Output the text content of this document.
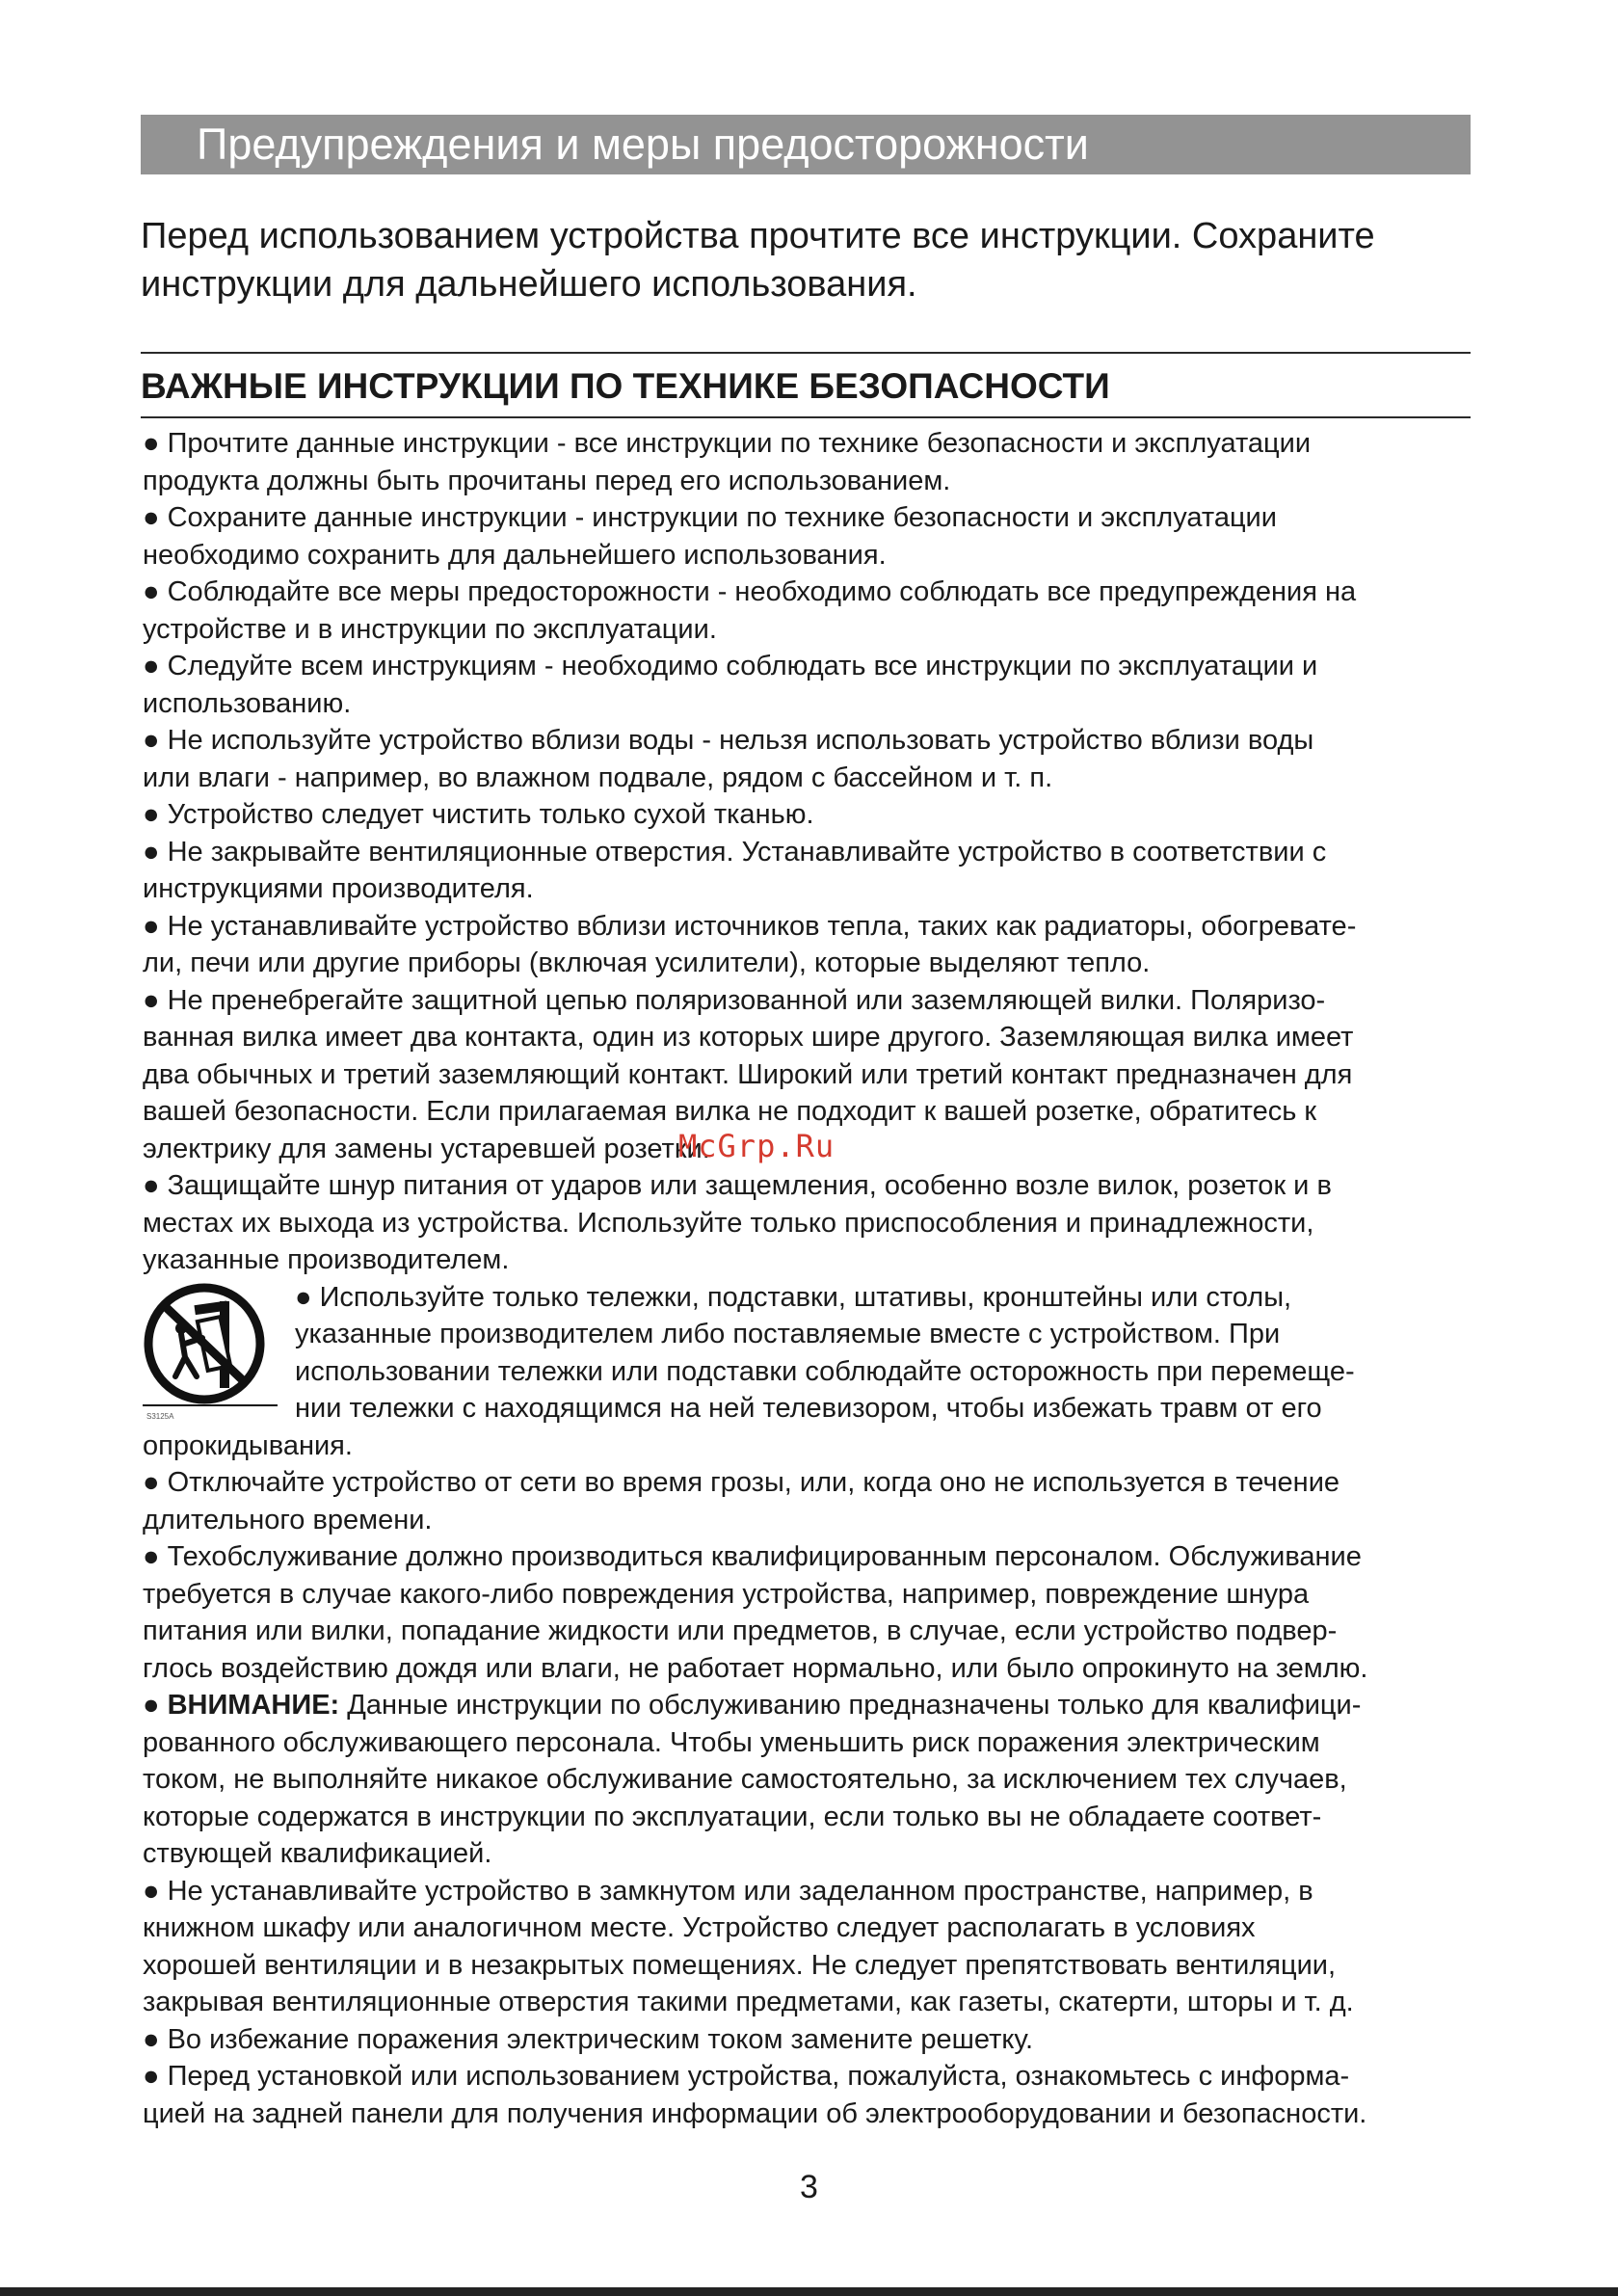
Предупреждения и меры предосторожности
Перед использованием устройства прочтите все инструкции. Сохраните
инструкции для дальнейшего использования.
ВАЖНЫЕ ИНСТРУКЦИИ ПО ТЕХНИКЕ БЕЗОПАСНОСТИ
S3125A
● Прочтите данные инструкции - все инструкции по технике безопасности и эксплуатации
продукта должны быть прочитаны перед его использованием.
● Сохраните данные инструкции - инструкции по технике безопасности и эксплуатации
необходимо сохранить для дальнейшего использования.
● Соблюдайте все меры предосторожности - необходимо соблюдать все предупреждения на
устройстве и в инструкции по эксплуатации.
● Следуйте всем инструкциям - необходимо соблюдать все инструкции по эксплуатации и
использованию.
● Не используйте устройство вблизи воды - нельзя использовать устройство вблизи воды
или влаги - например, во влажном подвале, рядом с бассейном и т. п.
● Устройство следует чистить только сухой тканью.
● Не закрывайте вентиляционные отверстия. Устанавливайте устройство в соответствии с
инструкциями производителя.
● Не устанавливайте устройство вблизи источников тепла, таких как радиаторы, обогревате-
ли, печи или другие приборы (включая усилители), которые выделяют тепло.
● Не пренебрегайте защитной цепью поляризованной или заземляющей вилки. Поляризо-
ванная вилка имеет два контакта, один из которых шире другого. Заземляющая вилка имеет
два обычных и третий заземляющий контакт. Широкий или третий контакт предназначен для
вашей безопасности. Если прилагаемая вилка не подходит к вашей розетке, обратитесь к
электрику для замены устаревшей розетки.
● Защищайте шнур питания от ударов или защемления, особенно возле вилок, розеток и в
местах их выхода из устройства. Используйте только приспособления и принадлежности,
указанные производителем.
● Используйте только тележки, подставки, штативы, кронштейны или столы,
указанные производителем либо поставляемые вместе с устройством. При
использовании тележки или подставки соблюдайте осторожность при перемеще-
нии тележки с находящимся на ней телевизором, чтобы избежать травм от его
опрокидывания.
● Отключайте устройство от сети во время грозы, или, когда оно не используется в течение
длительного времени.
● Техобслуживание должно производиться квалифицированным персоналом. Обслуживание
требуется в случае какого-либо повреждения устройства, например, повреждение шнура
питания или вилки, попадание жидкости или предметов, в случае, если устройство подвер-
глось воздействию дождя или влаги, не работает нормально, или было опрокинуто на землю.
● ВНИМАНИЕ: Данные инструкции по обслуживанию предназначены только для квалифици-
рованного обслуживающего персонала. Чтобы уменьшить риск поражения электрическим
током, не выполняйте никакое обслуживание самостоятельно, за исключением тех случаев,
которые содержатся в инструкции по эксплуатации, если только вы не обладаете соответ-
ствующей квалификацией.
● Не устанавливайте устройство в замкнутом или заделанном пространстве, например, в
книжном шкафу или аналогичном месте. Устройство следует располагать в условиях
хорошей вентиляции и в незакрытых помещениях. Не следует препятствовать вентиляции,
закрывая вентиляционные отверстия такими предметами, как газеты, скатерти, шторы и т. д.
● Во избежание поражения электрическим током замените решетку.
● Перед установкой или использованием устройства, пожалуйста, ознакомьтесь с информа-
цией на задней панели для получения информации об электрооборудовании и безопасности.
McGrp.Ru
3
